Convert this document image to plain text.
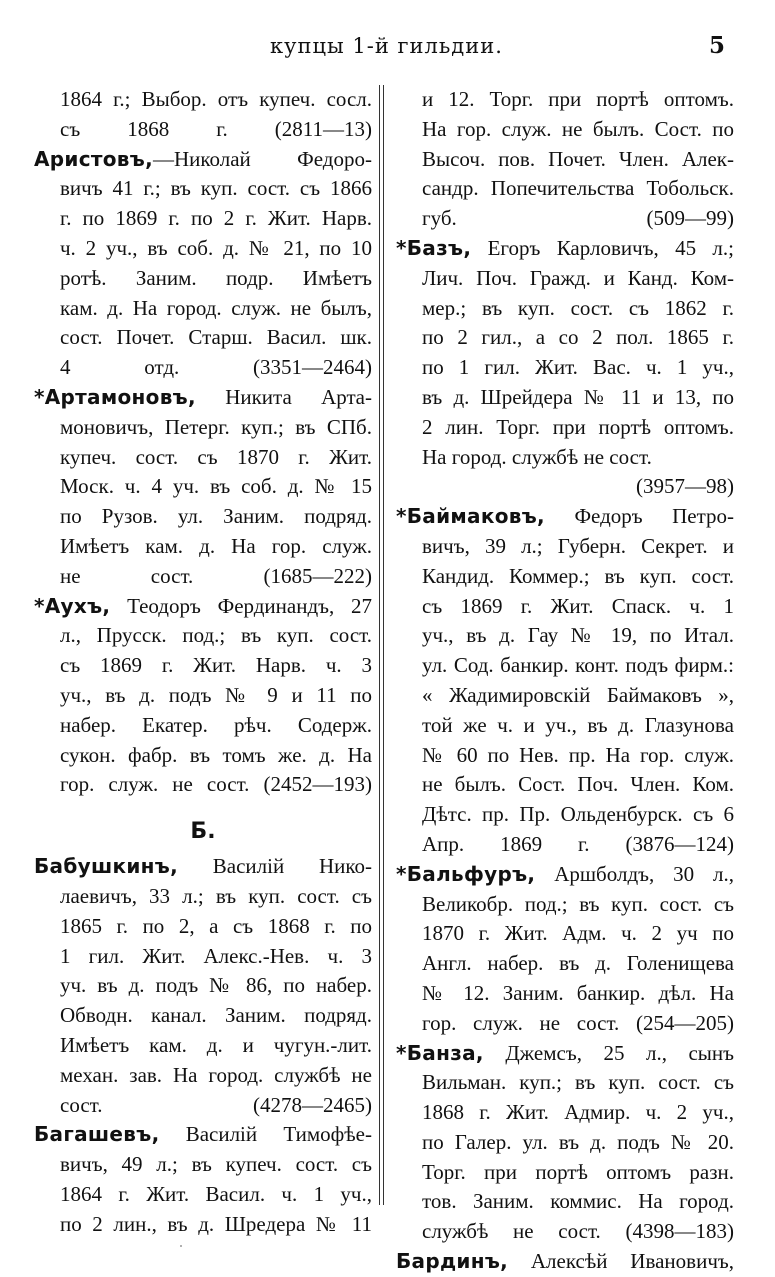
купцы 1-й гильдии.	5
1864 г.; Выбор. отъ купеч. сосл.
съ 1868 г. (2811—13)
Аристовъ,—Николай Федоро-
вичъ 41 г.; въ куп. сост. съ 1866
г. по 1869 г. по 2 г. Жит. Нарв.
ч. 2 уч., въ соб. д. № 21, по 10
ротѣ. Заним. подр. Имѣетъ
кам. д. На город. служ. не былъ,
сост. Почет. Старш. Васил. шк.
4 отд. (3351—2464)
*Артамоновъ, Никита Артa-
моновичъ, Петерг. куп.; въ СПб.
купеч. сост. съ 1870 г. Жит.
Моск. ч. 4 уч. въ соб. д. № 15
по Рузов. ул. Заним. подряд.
Имѣетъ кам. д. На гор. служ.
не сост. (1685—222)
*Аухъ, Теодоръ Фердинандъ, 27
л., Прусск. под.; въ куп. сост.
съ 1869 г. Жит. Нарв. ч. 3
уч., въ д. подъ № 9 и 11 по
набер. Екатер. рѣч. Содерж.
сукон. фабр. въ томъ же. д. На
гор. служ. не сост. (2452—193)
Б.
Бабушкинъ, Василій Нико-
лаевичъ, 33 л.; въ куп. сост. съ
1865 г. по 2, а съ 1868 г. по
1 гил. Жит. Алекс.-Нев. ч. 3
уч. въ д. подъ № 86, по набер.
Обводн. канал. Заним. подряд.
Имѣетъ кам. д. и чугун.-лит.
механ. зав. На город. службѣ не
сост. (4278—2465)
Багашевъ, Василій Тимофѣе-
вичъ, 49 л.; въ купеч. сост. съ
1864 г. Жит. Васил. ч. 1 уч.,
по 2 лин., въ д. Шредера № 11
и 12. Торг. при портѣ оптомъ.
На гор. служ. не былъ. Сост. по
Высоч. пов. Почет. Член. Алек-
сандр. Попечительства Тобольск.
губ. (509—99)
*Базъ, Егоръ Карловичъ, 45 л.;
Лич. Поч. Гражд. и Канд. Ком-
мер.; въ куп. сост. съ 1862 г.
по 2 гил., а со 2 пол. 1865 г.
по 1 гил. Жит. Вас. ч. 1 уч.,
въ д. Шрейдера № 11 и 13, по
2 лин. Торг. при портѣ оптомъ.
На город. службѣ не сост.
(3957—98)
*Баймаковъ, Федоръ Петро-
вичъ, 39 л.; Губерн. Секрет. и
Кандид. Коммер.; въ куп. сост.
съ 1869 г. Жит. Спаск. ч. 1
уч., въ д. Гау № 19, по Итал.
ул. Сод. банкир. конт. подъ фирм.:
« Жадимировскій Баймаковъ »,
той же ч. и уч., въ д. Глазунова
№ 60 по Нев. пр. На гор. служ.
не былъ. Сост. Поч. Член. Ком.
Дѣтс. пр. Пр. Ольденбурск. съ 6
Апр. 1869 г. (3876—124)
*Бальфуръ, Аршболдъ, 30 л.,
Великобр. под.; въ куп. сост. съ
1870 г. Жит. Адм. ч. 2 уч по
Англ. набер. въ д. Голенищева
№ 12. Заним. банкир. дѣл. На
гор. служ. не сост. (254—205)
*Банза, Джемсъ, 25 л., сынъ
Вильман. куп.; въ куп. сост. съ
1868 г. Жит. Адмир. ч. 2 уч.,
по Галер. ул. въ д. подъ № 20.
Торг. при портѣ оптомъ разн.
тов. Заним. коммис. На город.
службѣ не сост. (4398—183)
Бардинъ, Алексѣй Ивановичъ,
